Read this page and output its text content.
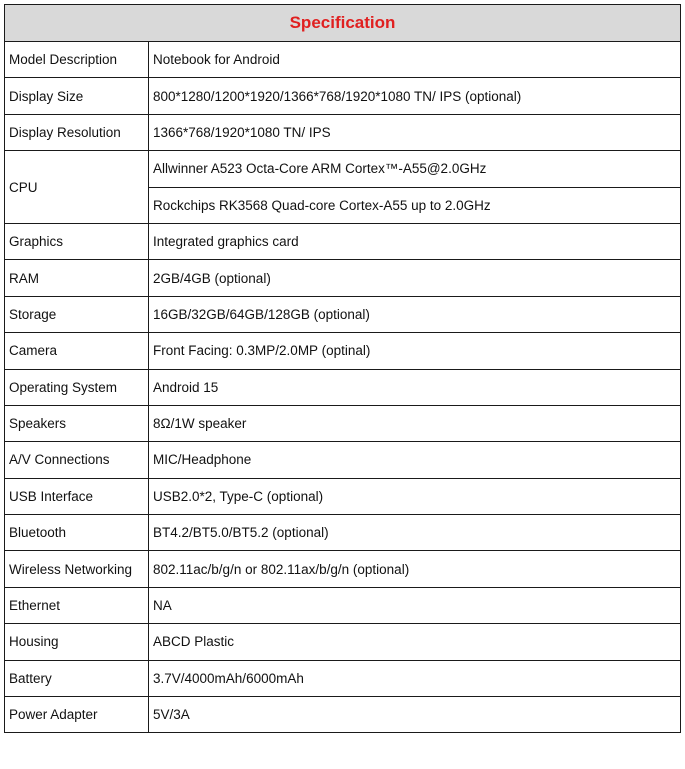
Specification	
Model Description	Notebook for Android
Display Size	800*1280/1200*1920/1366*768/1920*1080 TN/ IPS (optional)
Display Resolution	1366*768/1920*1080 TN/ IPS
CPU	Allwinner A523 Octa-Core ARM Cortex™-A55@2.0GHz
	Rockchips RK3568 Quad-core Cortex-A55 up to 2.0GHz
Graphics	Integrated graphics card
RAM	2GB/4GB (optional)
Storage	16GB/32GB/64GB/128GB (optional)
Camera	Front Facing: 0.3MP/2.0MP (optinal)
Operating System	Android 15
Speakers	8Ω/1W speaker
A/V Connections	MIC/Headphone
USB Interface	USB2.0*2, Type-C (optional)
Bluetooth	BT4.2/BT5.0/BT5.2 (optional)
Wireless Networking	802.11ac/b/g/n or 802.11ax/b/g/n (optional)
Ethernet	NA
Housing	ABCD Plastic
Battery	3.7V/4000mAh/6000mAh
Power Adapter	5V/3A
